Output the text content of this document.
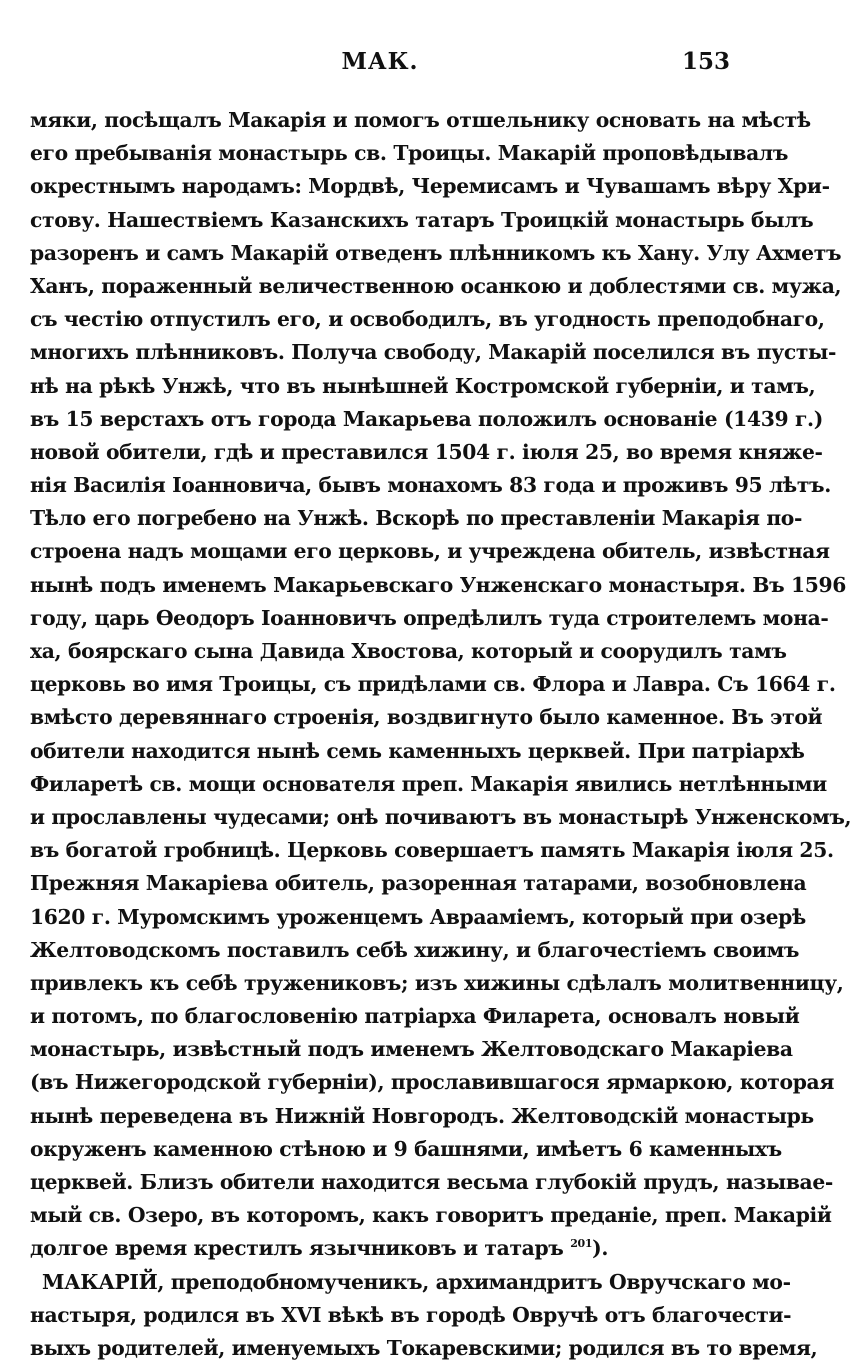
МАК.	153
мяки, посѣщалъ Макарія и помогъ отшельнику основать на мѣстѣ
его пребыванія монастырь св. Троицы. Макарій проповѣдывалъ
окрестнымъ народамъ: Мордвѣ, Черемисамъ и Чувашамъ вѣру Хри-
стову. Нашествіемъ Казанскихъ татаръ Троицкій монастырь былъ
разоренъ и самъ Макарій отведенъ плѣнникомъ къ Хану. Улу Ахметъ
Ханъ, пораженный величественною осанкою и доблестями св. мужа,
съ честію отпустилъ его, и освободилъ, въ угодность преподобнаго,
многихъ плѣнниковъ. Получа свободу, Макарій поселился въ пусты-
нѣ на рѣкѣ Унжѣ, что въ нынѣшней Костромской губерніи, и тамъ,
въ 15 верстахъ отъ города Макарьева положилъ основаніе (1439 г.)
новой обители, гдѣ и преставился 1504 г. іюля 25, во время княже-
нія Василія Іоанновича, бывъ монахомъ 83 года и проживъ 95 лѣтъ.
Тѣло его погребено на Унжѣ. Вскорѣ по преставленіи Макарія по-
строена надъ мощами его церковь, и учреждена обитель, извѣстная
нынѣ подъ именемъ Макарьевскаго Унженскаго монастыря. Въ 1596
году, царь Ѳеодоръ Іоанновичъ опредѣлилъ туда строителемъ мона-
ха, боярскаго сына Давида Хвостова, который и соорудилъ тамъ
церковь во имя Троицы, съ придѣлами св. Флора и Лавра. Съ 1664 г.
вмѣсто деревяннаго строенія, воздвигнуто было каменное. Въ этой
обители находится нынѣ семь каменныхъ церквей. При патріархѣ
Филаретѣ св. мощи основателя преп. Макарія явились нетлѣнными
и прославлены чудесами; онѣ почиваютъ въ монастырѣ Унженскомъ,
въ богатой гробницѣ. Церковь совершаетъ память Макарія іюля 25.
Прежняя Макаріева обитель, разоренная татарами, возобновлена
1620 г. Муромскимъ уроженцемъ Авраамiемъ, который при озерѣ
Желтоводскомъ поставилъ себѣ хижину, и благочестіемъ своимъ
привлекъ къ себѣ тружениковъ; изъ хижины сдѣлалъ молитвенницу,
и потомъ, по благословенію патріарха Филарета, основалъ новый
монастырь, извѣстный подъ именемъ Желтоводскаго Макаріева
(въ Нижегородской губерніи), прославившагося ярмаркою, которая
нынѣ переведена въ Нижній Новгородъ. Желтоводскій монастырь
окруженъ каменною стѣною и 9 башнями, имѣетъ 6 каменныхъ
церквей. Близъ обители находится весьма глубокій прудъ, называе-
мый св. Озеро, въ которомъ, какъ говоритъ преданіе, преп. Макарій
долгое время крестилъ язычниковъ и татаръ $^{201}$).
МАКАРІЙ, преподобномученикъ, архимандритъ Овручскаго мо-
настыря, родился въ XVI вѣкѣ въ городѣ Овручѣ отъ благочести-
выхъ родителей, именуемыхъ Токаревскими; родился въ то время,
